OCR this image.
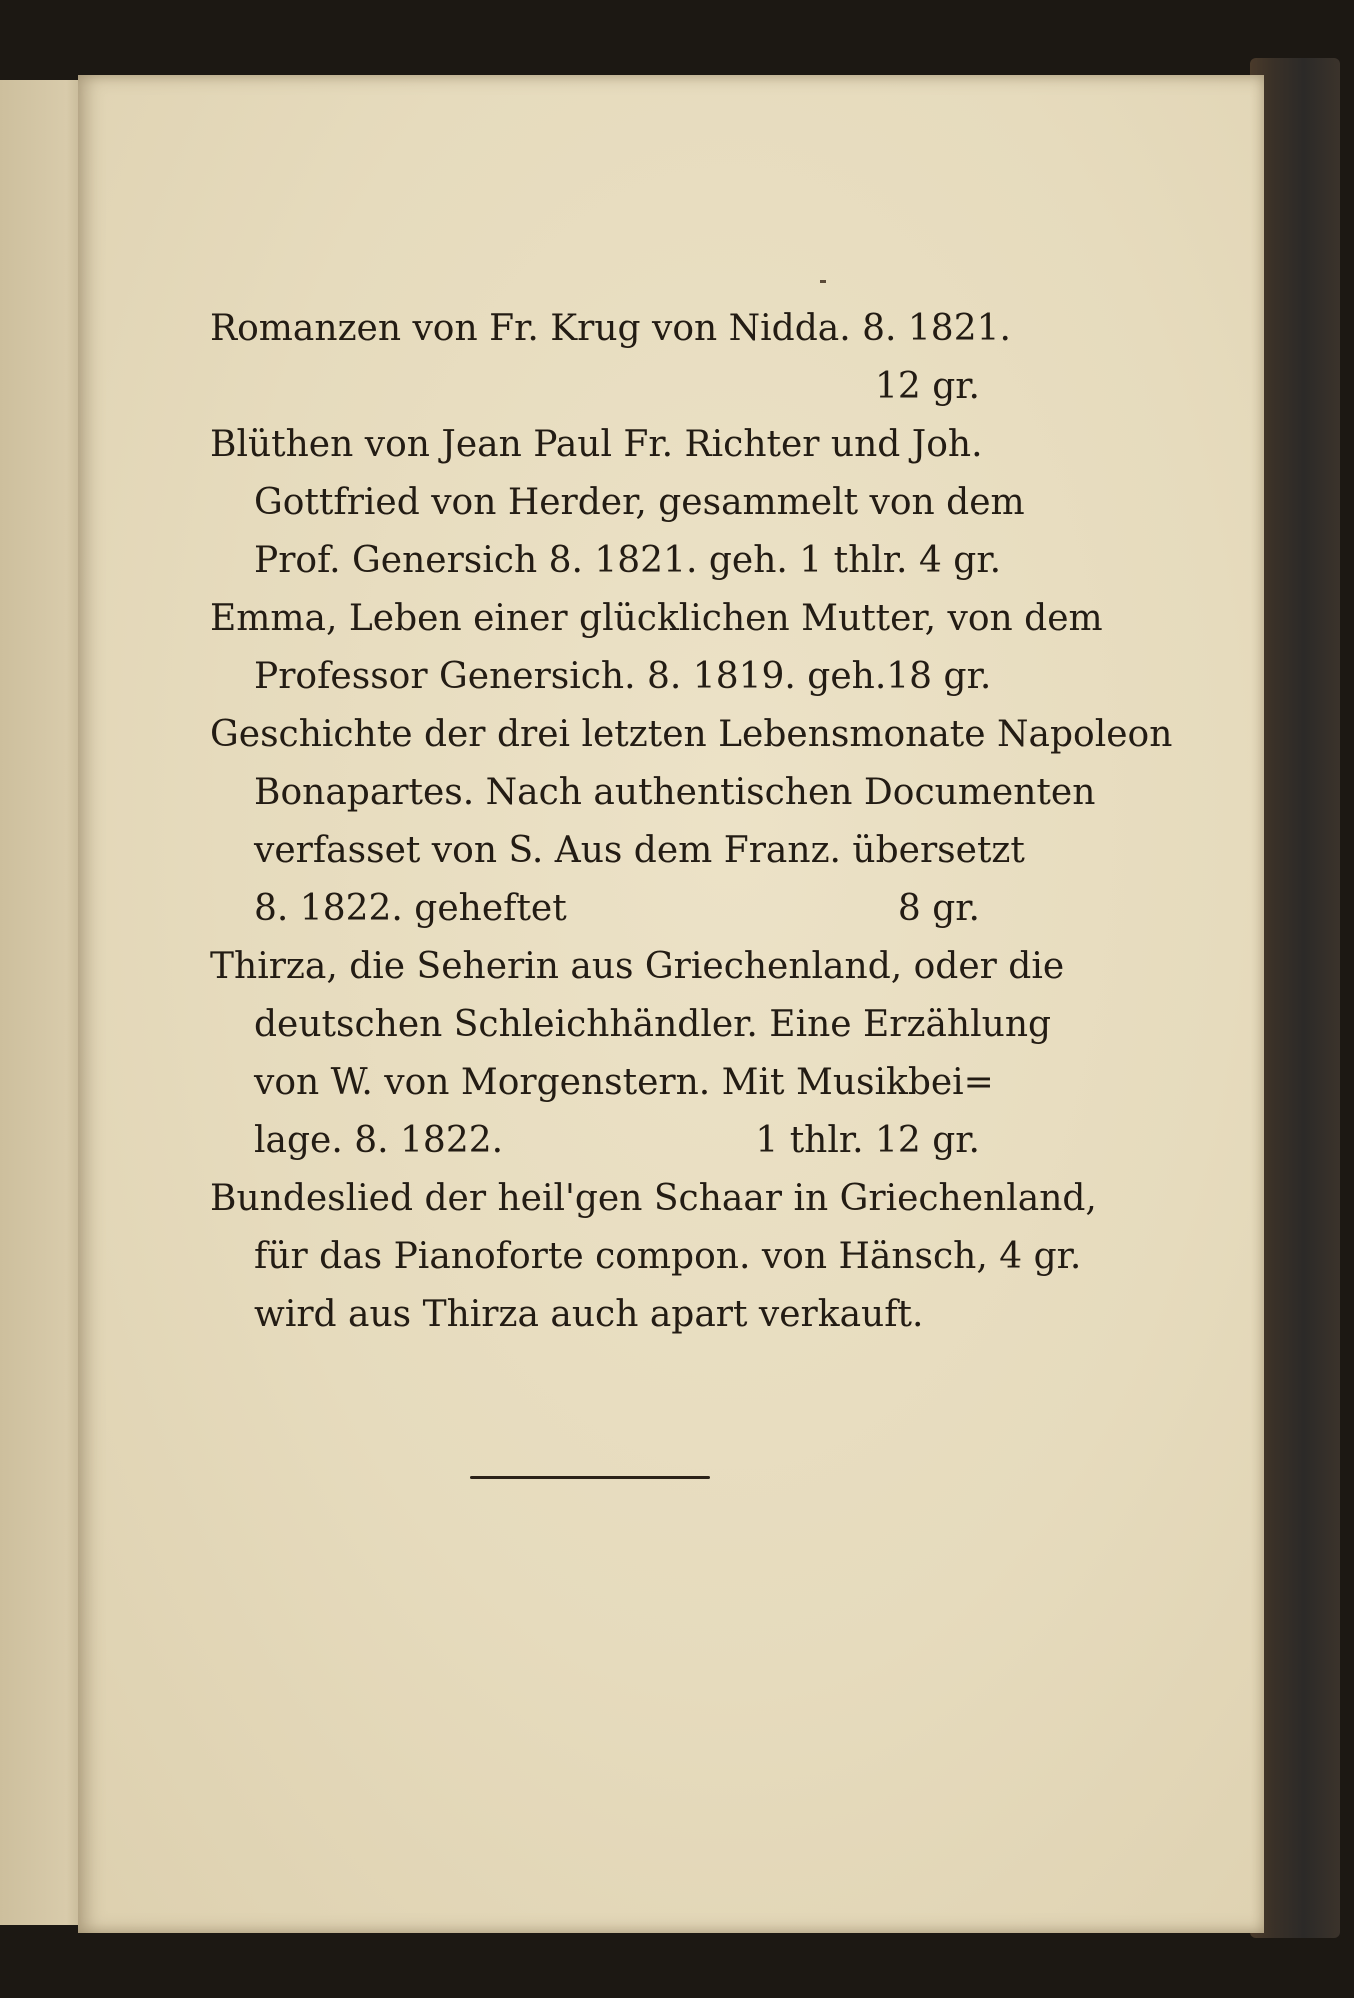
Romanzen von Fr. Krug von Nidda. 8. 1821.
12 gr.
Blüthen von Jean Paul Fr. Richter und Joh.
Gottfried von Herder, gesammelt von dem
Prof. Genersich 8. 1821. geh. 1 thlr. 4 gr.
Emma, Leben einer glücklichen Mutter, von dem
Professor Genersich. 8. 1819. geh. 18 gr.
Geschichte der drei letzten Lebensmonate Napoleon
Bonapartes. Nach authentischen Documenten
verfasset von S. Aus dem Franz. übersetzt
8. 1822. geheftet	8 gr.
Thirza, die Seherin aus Griechenland, oder die
deutschen Schleichhändler. Eine Erzählung
von W. von Morgenstern. Mit Musikbei=
lage. 8. 1822.	1 thlr. 12 gr.
Bundeslied der heil'gen Schaar in Griechenland,
für das Pianoforte compon. von Hänsch, 4 gr.
wird aus Thirza auch apart verkauft.
